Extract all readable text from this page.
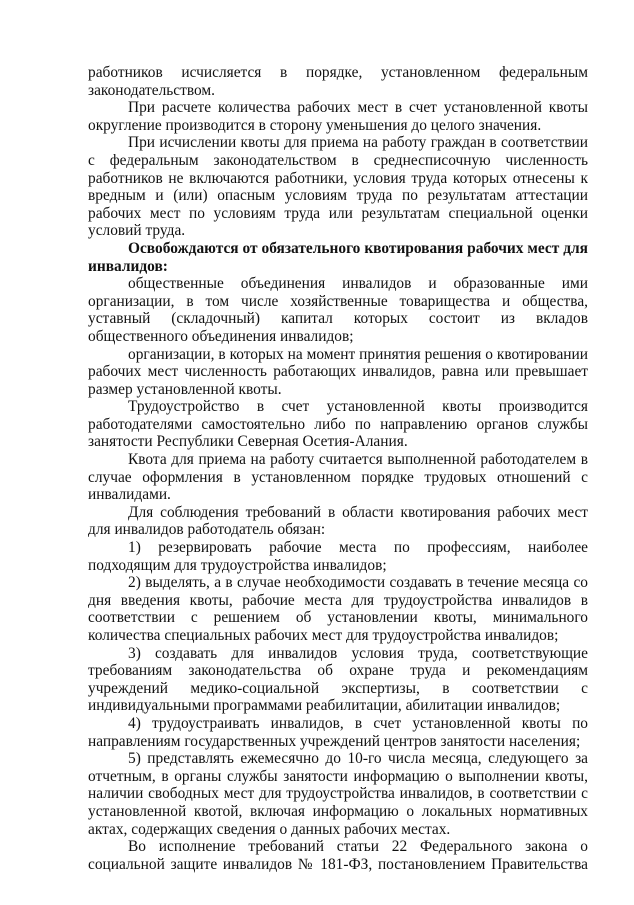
работников исчисляется в порядке, установленном федеральным законодательством.

При расчете количества рабочих мест в счет установленной квоты округление производится в сторону уменьшения до целого значения.

При исчислении квоты для приема на работу граждан в соответствии с федеральным законодательством в среднесписочную численность работников не включаются работники, условия труда которых отнесены к вредным и (или) опасным условиям труда по результатам аттестации рабочих мест по условиям труда или результатам специальной оценки условий труда.

Освобождаются от обязательного квотирования рабочих мест для инвалидов:

общественные объединения инвалидов и образованные ими организации, в том числе хозяйственные товарищества и общества, уставный (складочный) капитал которых состоит из вкладов общественного объединения инвалидов;

организации, в которых на момент принятия решения о квотировании рабочих мест численность работающих инвалидов, равна или превышает размер установленной квоты.

Трудоустройство в счет установленной квоты производится работодателями самостоятельно либо по направлению органов службы занятости Республики Северная Осетия-Алания.

Квота для приема на работу считается выполненной работодателем в случае оформления в установленном порядке трудовых отношений с инвалидами.

Для соблюдения требований в области квотирования рабочих мест для инвалидов работодатель обязан:

1) резервировать рабочие места по профессиям, наиболее подходящим для трудоустройства инвалидов;

2) выделять, а в случае необходимости создавать в течение месяца со дня введения квоты, рабочие места для трудоустройства инвалидов в соответствии с решением об установлении квоты, минимального количества специальных рабочих мест для трудоустройства инвалидов;

3) создавать для инвалидов условия труда, соответствующие требованиям законодательства об охране труда и рекомендациям учреждений медико-социальной экспертизы, в соответствии с индивидуальными программами реабилитации, абилитации инвалидов;

4) трудоустраивать инвалидов, в счет установленной квоты по направлениям государственных учреждений центров занятости населения;

5) представлять ежемесячно до 10-го числа месяца, следующего за отчетным, в органы службы занятости информацию о выполнении квоты, наличии свободных мест для трудоустройства инвалидов, в соответствии с установленной квотой, включая информацию о локальных нормативных актах, содержащих сведения о данных рабочих местах.

Во исполнение требований статьи 22 Федерального закона о социальной защите инвалидов № 181-ФЗ, постановлением Правительства
